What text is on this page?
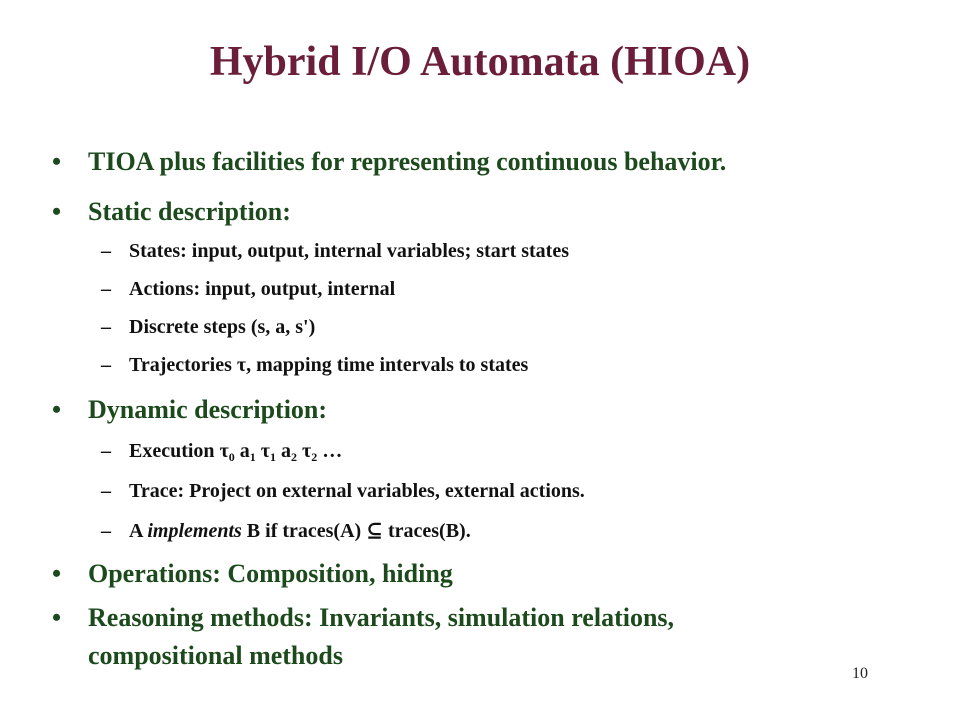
Hybrid I/O Automata (HIOA)
•	TIOA plus facilities for representing continuous behavior.
•	Static description:
– States: input, output, internal variables; start states
– Actions: input, output, internal
– Discrete steps (s, a, s')
– Trajectories τ, mapping time intervals to states
•	Dynamic description:
– Execution $\tau_0$ $a_1$ $\tau_1$ $a_2$ $\tau_2$ …
– Trace: Project on external variables, external actions.
– A implements B if traces(A) ⊆ traces(B).
•	Operations: Composition, hiding
•	Reasoning methods: Invariants, simulation relations,
compositional methods
10
